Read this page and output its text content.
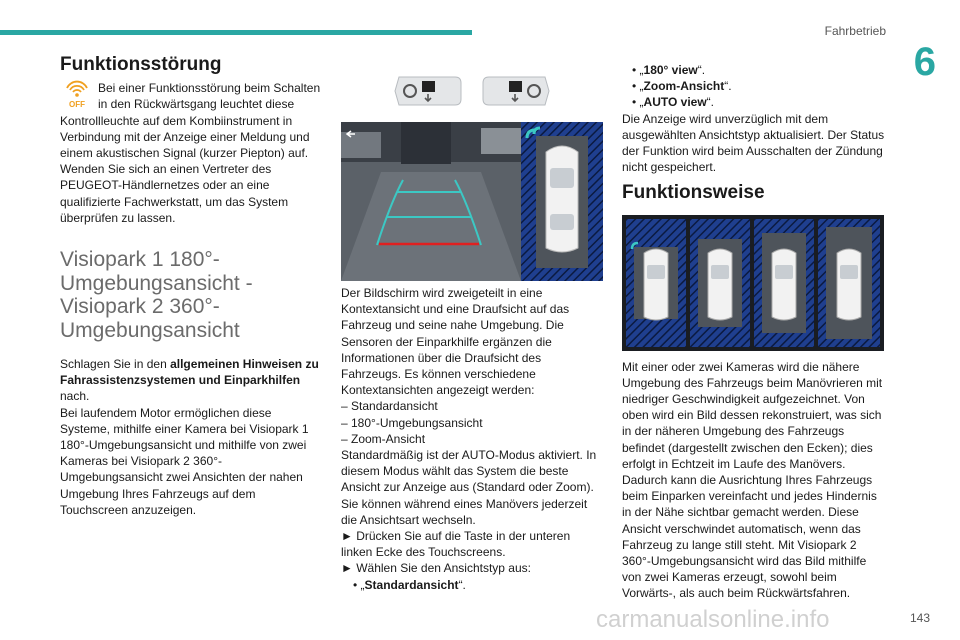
Fahrbetrieb
6
Funktionsstörung
OFF

Bei einer Funktionsstörung beim Schalten in den Rückwärtsgang leuchtet diese Kontrollleuchte auf dem Kombiinstrument in Verbindung mit der Anzeige einer Meldung und einem akustischen Signal (kurzer Piepton) auf. Wenden Sie sich an einen Vertreter des PEUGEOT-Händlernetzes oder an eine qualifizierte Fachwerkstatt, um das System überprüfen zu lassen.

Visiopark 1 180°-Umgebungsansicht - Visiopark 2 360°-Umgebungsansicht

Schlagen Sie in den allgemeinen Hinweisen zu Fahrassistenzsystemen und Einparkhilfen nach.

Bei laufendem Motor ermöglichen diese Systeme, mithilfe einer Kamera bei Visiopark 1 180°-Umgebungsansicht und mithilfe von zwei Kameras bei Visiopark 2 360°-Umgebungsansicht zwei Ansichten der nahen Umgebung Ihres Fahrzeugs auf dem Touchscreen anzuzeigen.

Der Bildschirm wird zweigeteilt in eine Kontextansicht und eine Draufsicht auf das Fahrzeug und seine nahe Umgebung. Die Sensoren der Einparkhilfe ergänzen die Informationen über die Draufsicht des Fahrzeugs. Es können verschiedene Kontextansichten angezeigt werden:

– Standardansicht
– 180°-Umgebungsansicht
– Zoom-Ansicht

Standardmäßig ist der AUTO-Modus aktiviert. In diesem Modus wählt das System die beste Ansicht zur Anzeige aus (Standard oder Zoom). Sie können während eines Manövers jederzeit die Ansichtsart wechseln.

► Drücken Sie auf die Taste in der unteren linken Ecke des Touchscreens.

► Wählen Sie den Ansichtstyp aus:

• „Standardansicht“.
• „180° view“.
• „Zoom-Ansicht“.
• „AUTO view“.

Die Anzeige wird unverzüglich mit dem ausgewählten Ansichtstyp aktualisiert. Der Status der Funktion wird beim Ausschalten der Zündung nicht gespeichert.

Funktionsweise

Mit einer oder zwei Kameras wird die nähere Umgebung des Fahrzeugs beim Manövrieren mit niedriger Geschwindigkeit aufgezeichnet. Von oben wird ein Bild dessen rekonstruiert, was sich in der näheren Umgebung des Fahrzeugs befindet (dargestellt zwischen den Ecken); dies erfolgt in Echtzeit im Laufe des Manövers. Dadurch kann die Ausrichtung Ihres Fahrzeugs beim Einparken vereinfacht und jedes Hindernis in der Nähe sichtbar gemacht werden. Diese Ansicht verschwindet automatisch, wenn das Fahrzeug zu lange still steht. Mit Visiopark 2 360°-Umgebungsansicht wird das Bild mithilfe von zwei Kameras erzeugt, sowohl beim Vorwärts-, als auch beim Rückwärtsfahren.

carmanualsonline.info	143
